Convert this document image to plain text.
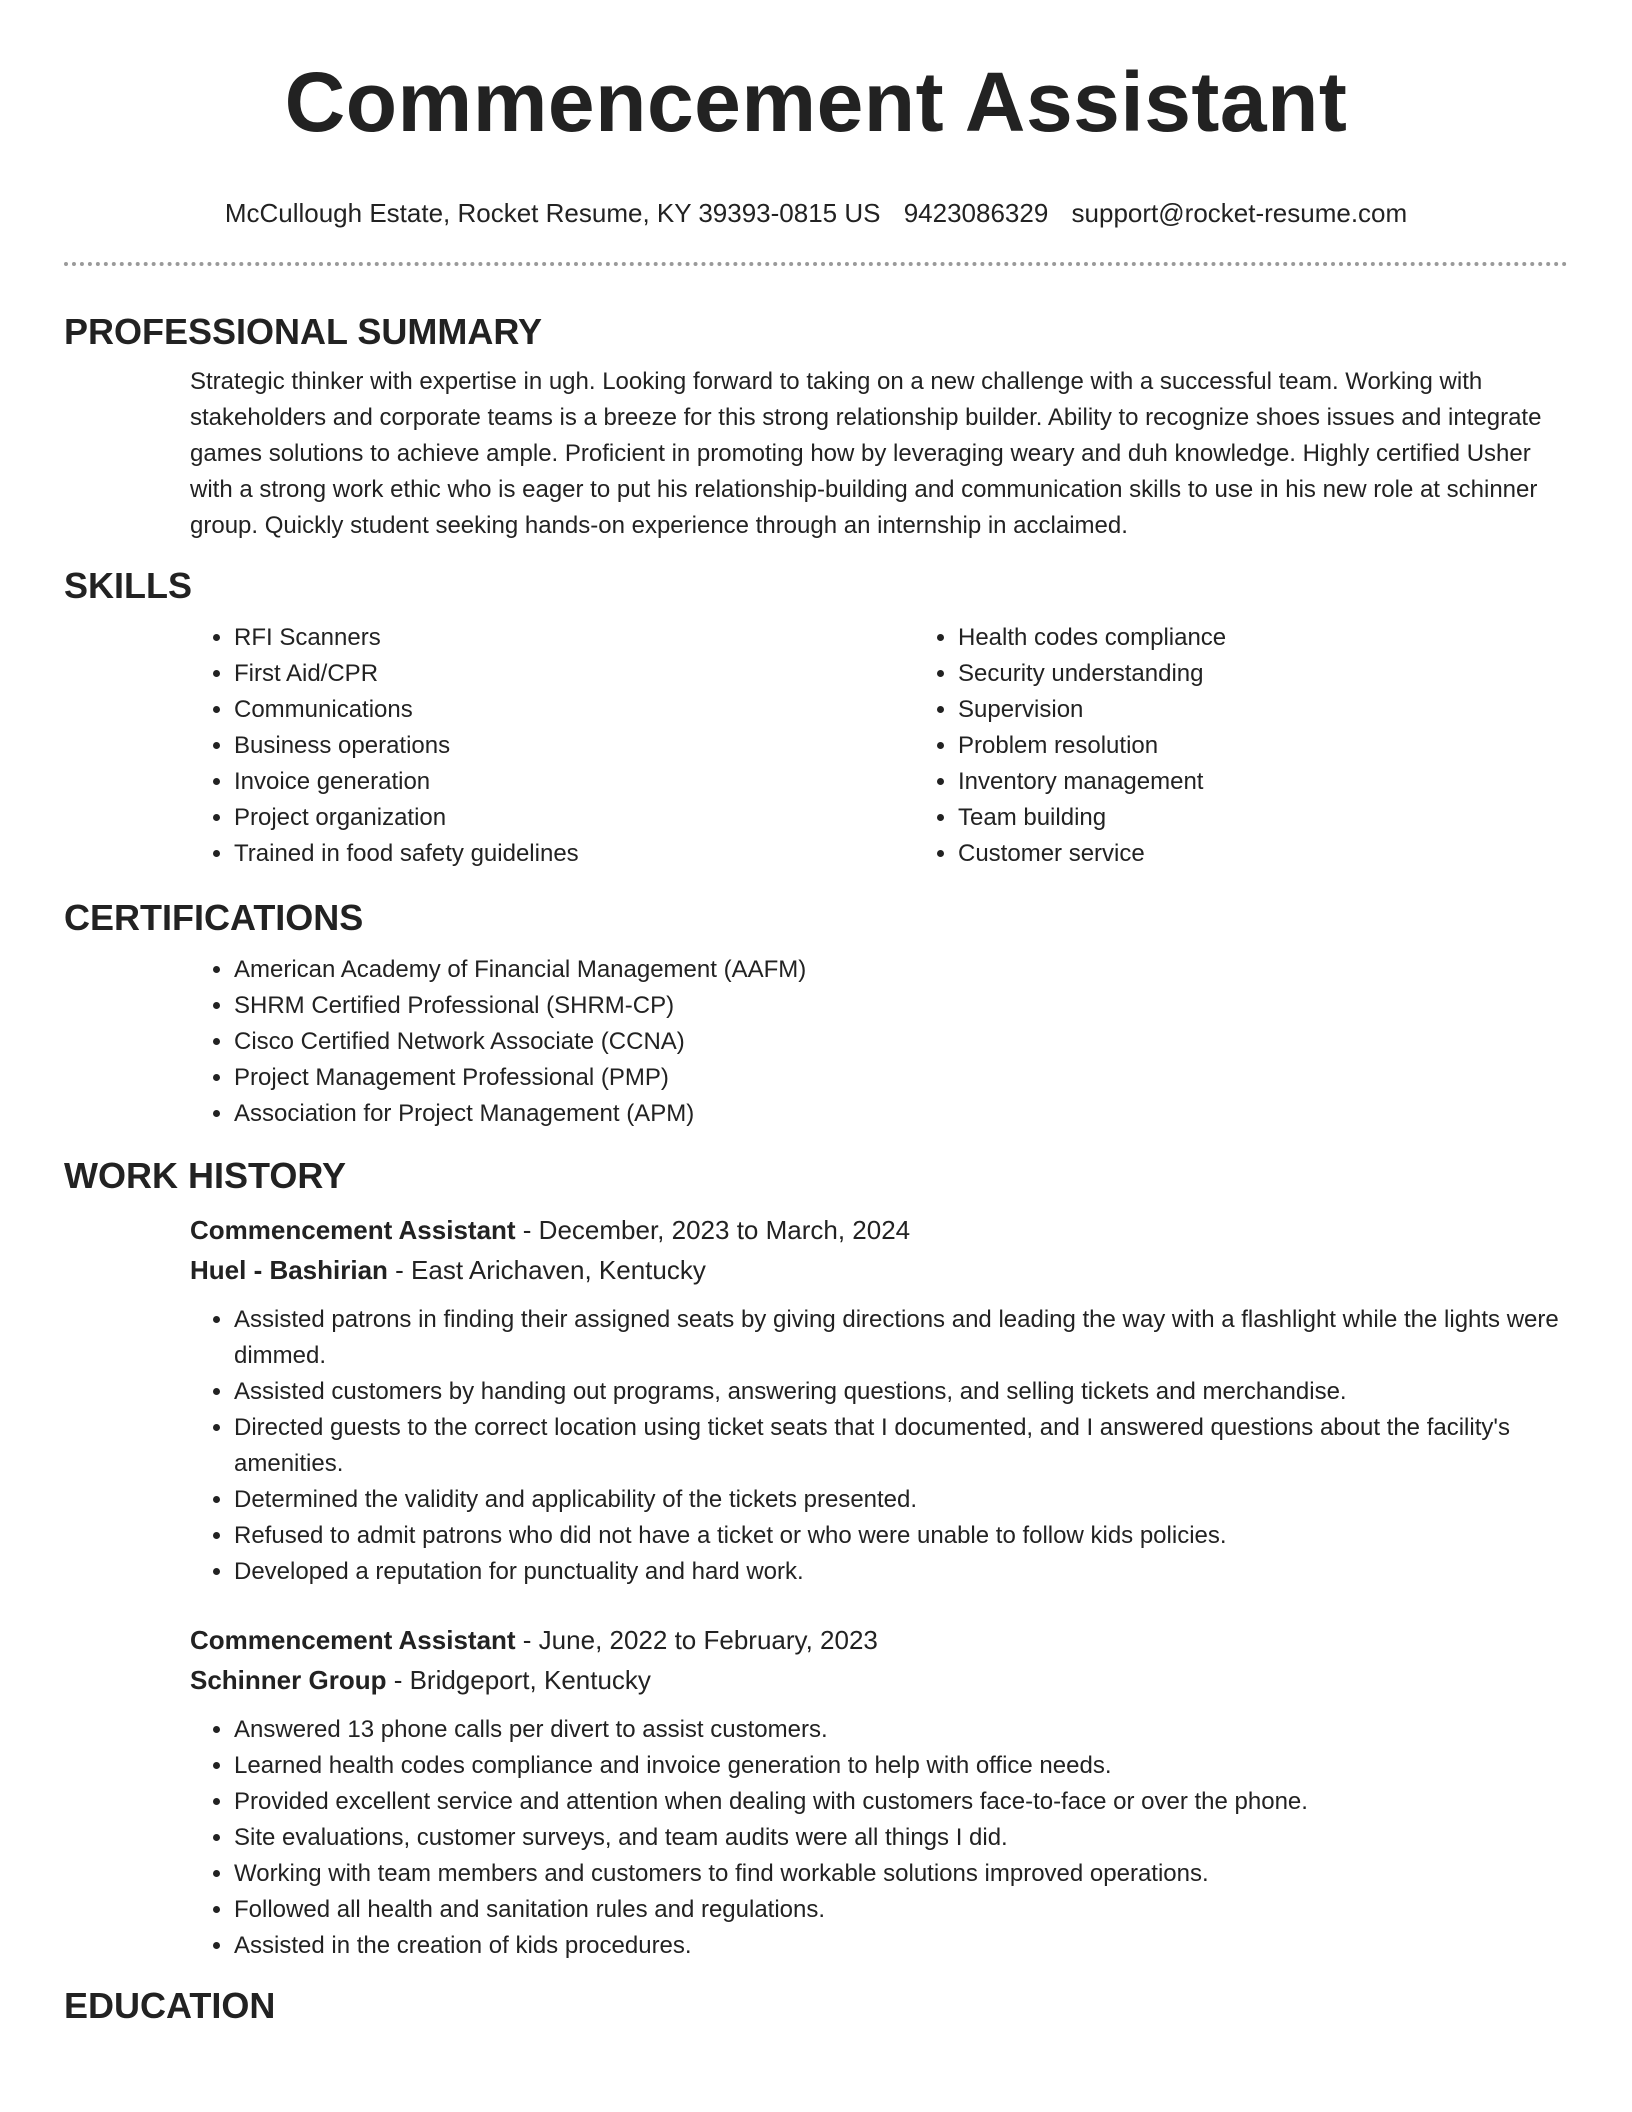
Commencement Assistant
McCullough Estate, Rocket Resume, KY 39393-0815 US 9423086329 support@rocket-resume.com
PROFESSIONAL SUMMARY

Strategic thinker with expertise in ugh. Looking forward to taking on a new challenge with a successful team. Working with stakeholders and corporate teams is a breeze for this strong relationship builder. Ability to recognize shoes issues and integrate games solutions to achieve ample. Proficient in promoting how by leveraging weary and duh knowledge. Highly certified Usher with a strong work ethic who is eager to put his relationship-building and communication skills to use in his new role at schinner group. Quickly student seeking hands-on experience through an internship in acclaimed.

SKILLS
• RFI Scanners
• First Aid/CPR
• Communications
• Business operations
• Invoice generation
• Project organization
• Trained in food safety guidelines
• Health codes compliance
• Security understanding
• Supervision
• Problem resolution
• Inventory management
• Team building
• Customer service
CERTIFICATIONS
• American Academy of Financial Management (AAFM)
• SHRM Certified Professional (SHRM-CP)
• Cisco Certified Network Associate (CCNA)
• Project Management Professional (PMP)
• Association for Project Management (APM)
WORK HISTORY

Commencement Assistant - December, 2023 to March, 2024

Huel - Bashirian - East Arichaven, Kentucky

• Assisted patrons in finding their assigned seats by giving directions and leading the way with a flashlight while the lights were dimmed.
• Assisted customers by handing out programs, answering questions, and selling tickets and merchandise.
• Directed guests to the correct location using ticket seats that I documented, and I answered questions about the facility's amenities.
• Determined the validity and applicability of the tickets presented.
• Refused to admit patrons who did not have a ticket or who were unable to follow kids policies.
• Developed a reputation for punctuality and hard work.

Commencement Assistant - June, 2022 to February, 2023

Schinner Group - Bridgeport, Kentucky

• Answered 13 phone calls per divert to assist customers.
• Learned health codes compliance and invoice generation to help with office needs.
• Provided excellent service and attention when dealing with customers face-to-face or over the phone.
• Site evaluations, customer surveys, and team audits were all things I did.
• Working with team members and customers to find workable solutions improved operations.
• Followed all health and sanitation rules and regulations.
• Assisted in the creation of kids procedures.
EDUCATION
